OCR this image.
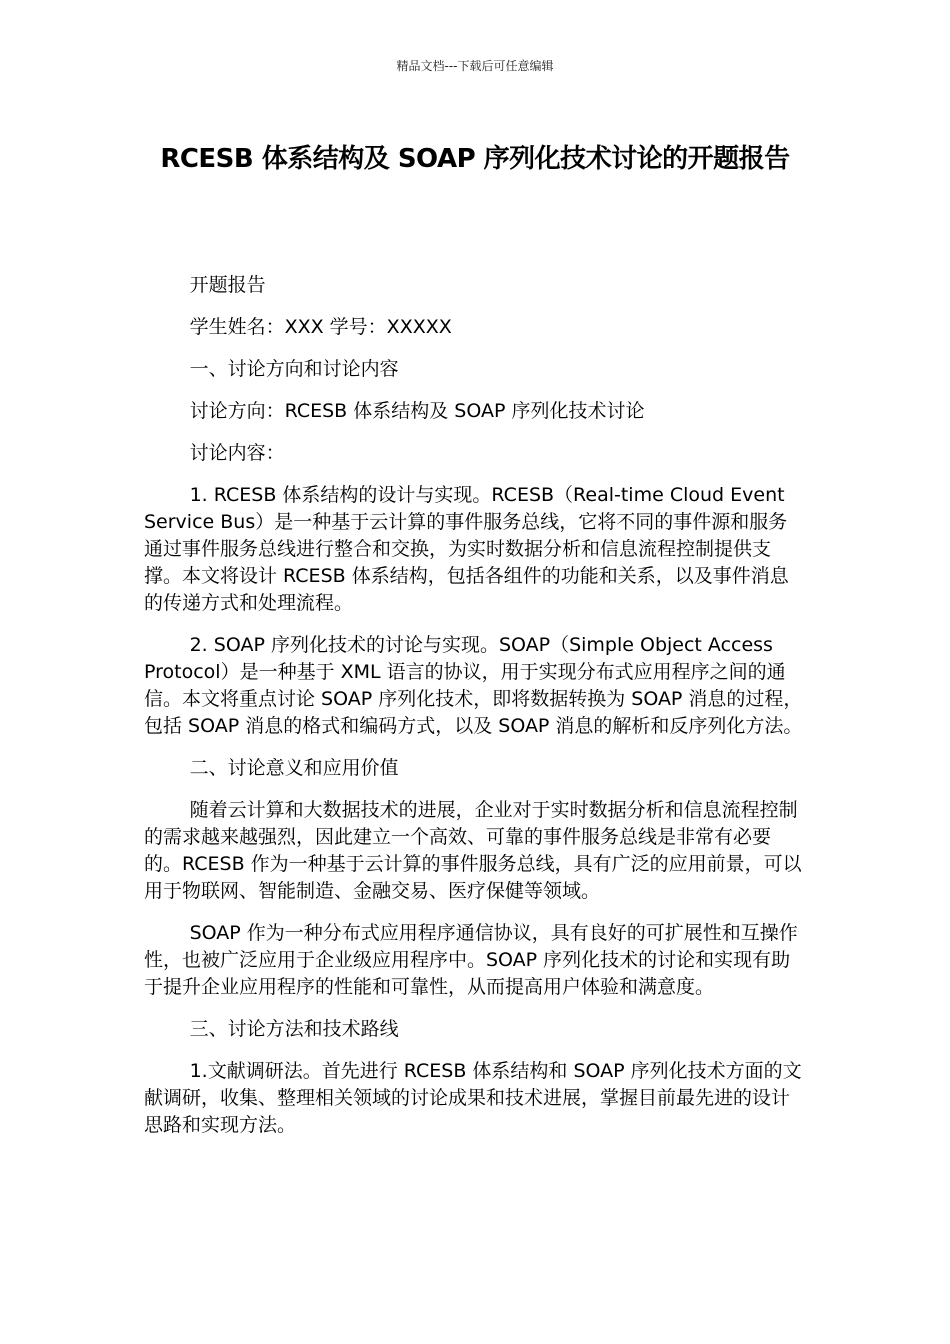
精品文档---下载后可任意编辑
RCESB 体系结构及 SOAP 序列化技术讨论的开题报告

开题报告

学生姓名：XXX 学号：XXXXX

一、讨论方向和讨论内容

讨论方向：RCESB 体系结构及 SOAP 序列化技术讨论

讨论内容：

1. RCESB 体系结构的设计与实现。RCESB（Real-time Cloud Event Service Bus）是一种基于云计算的事件服务总线，它将不同的事件源和服务通过事件服务总线进行整合和交换，为实时数据分析和信息流程控制提供支撑。本文将设计 RCESB 体系结构，包括各组件的功能和关系，以及事件消息的传递方式和处理流程。

2. SOAP 序列化技术的讨论与实现。SOAP（Simple Object Access Protocol）是一种基于 XML 语言的协议，用于实现分布式应用程序之间的通信。本文将重点讨论 SOAP 序列化技术，即将数据转换为 SOAP 消息的过程，包括 SOAP 消息的格式和编码方式，以及 SOAP 消息的解析和反序列化方法。

二、讨论意义和应用价值

随着云计算和大数据技术的进展，企业对于实时数据分析和信息流程控制的需求越来越强烈，因此建立一个高效、可靠的事件服务总线是非常有必要的。RCESB 作为一种基于云计算的事件服务总线，具有广泛的应用前景，可以用于物联网、智能制造、金融交易、医疗保健等领域。

SOAP 作为一种分布式应用程序通信协议，具有良好的可扩展性和互操作性，也被广泛应用于企业级应用程序中。SOAP 序列化技术的讨论和实现有助于提升企业应用程序的性能和可靠性，从而提高用户体验和满意度。

三、讨论方法和技术路线

1.文献调研法。首先进行 RCESB 体系结构和 SOAP 序列化技术方面的文献调研，收集、整理相关领域的讨论成果和技术进展，掌握目前最先进的设计思路和实现方法。
